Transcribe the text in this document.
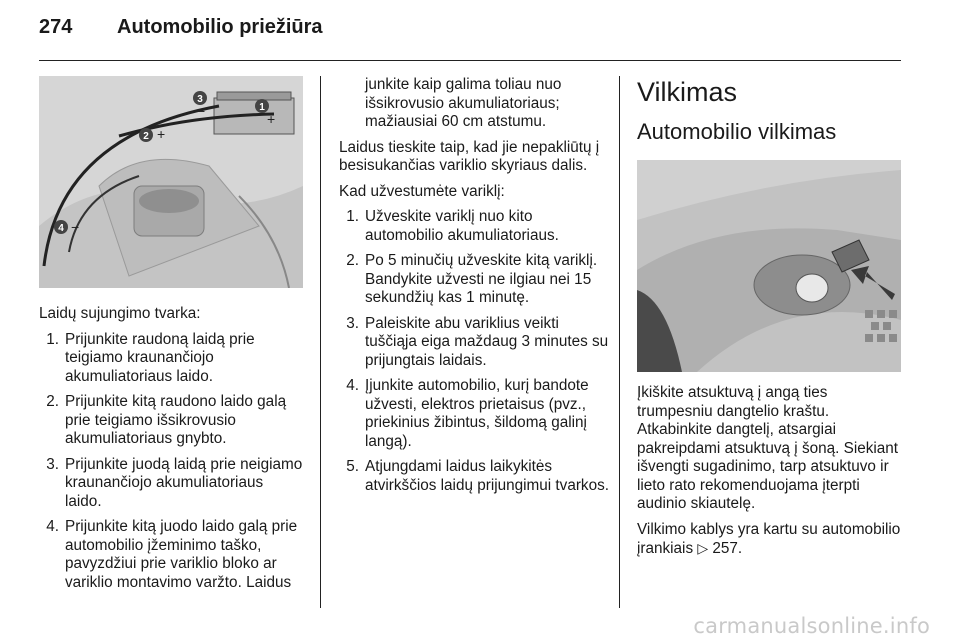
274	Automobilio priežiūra
3
−	1
+
2 +
4 −

Laidų sujungimo tvarka:

1. Prijunkite raudoną laidą prie teigiamo kraunančiojo akumuliatoriaus laido.
2. Prijunkite kitą raudono laido galą prie teigiamo išsikrovusio akumuliatoriaus gnybto.
3. Prijunkite juodą laidą prie neigiamo kraunančiojo akumuliatoriaus laido.
4. Prijunkite kitą juodo laido galą prie automobilio įžeminimo taško, pavyzdžiui prie variklio bloko ar variklio montavimo varžto. Laidus
junkite kaip galima toliau nuo išsikrovusio akumuliatoriaus; mažiausiai 60 cm atstumu.

Laidus tieskite taip, kad jie nepakliūtų į besisukančias variklio skyriaus dalis.

Kad užvestumėte variklį:

1. Užveskite variklį nuo kito automobilio akumuliatoriaus.
2. Po 5 minučių užveskite kitą variklį. Bandykite užvesti ne ilgiau nei 15 sekundžių kas 1 minutę.
3. Paleiskite abu variklius veikti tuščiąja eiga maždaug 3 minutes su prijungtais laidais.
4. Įjunkite automobilio, kurį bandote užvesti, elektros prietaisus (pvz., priekinius žibintus, šildomą galinį langą).
5. Atjungdami laidus laikykitės atvirkščios laidų prijungimui tvarkos.
Vilkimas
Automobilio vilkimas

Įkiškite atsuktuvą į angą ties trumpesniu dangtelio kraštu. Atkabinkite dangtelį, atsargiai pakreipdami atsuktuvą į šoną. Siekiant išvengti sugadinimo, tarp atsuktuvo ir lieto rato rekomenduojama įterpti audinio skiautelę.

Vilkimo kablys yra kartu su automobilio įrankiais ▷ 257.

carmanualsonline.info
